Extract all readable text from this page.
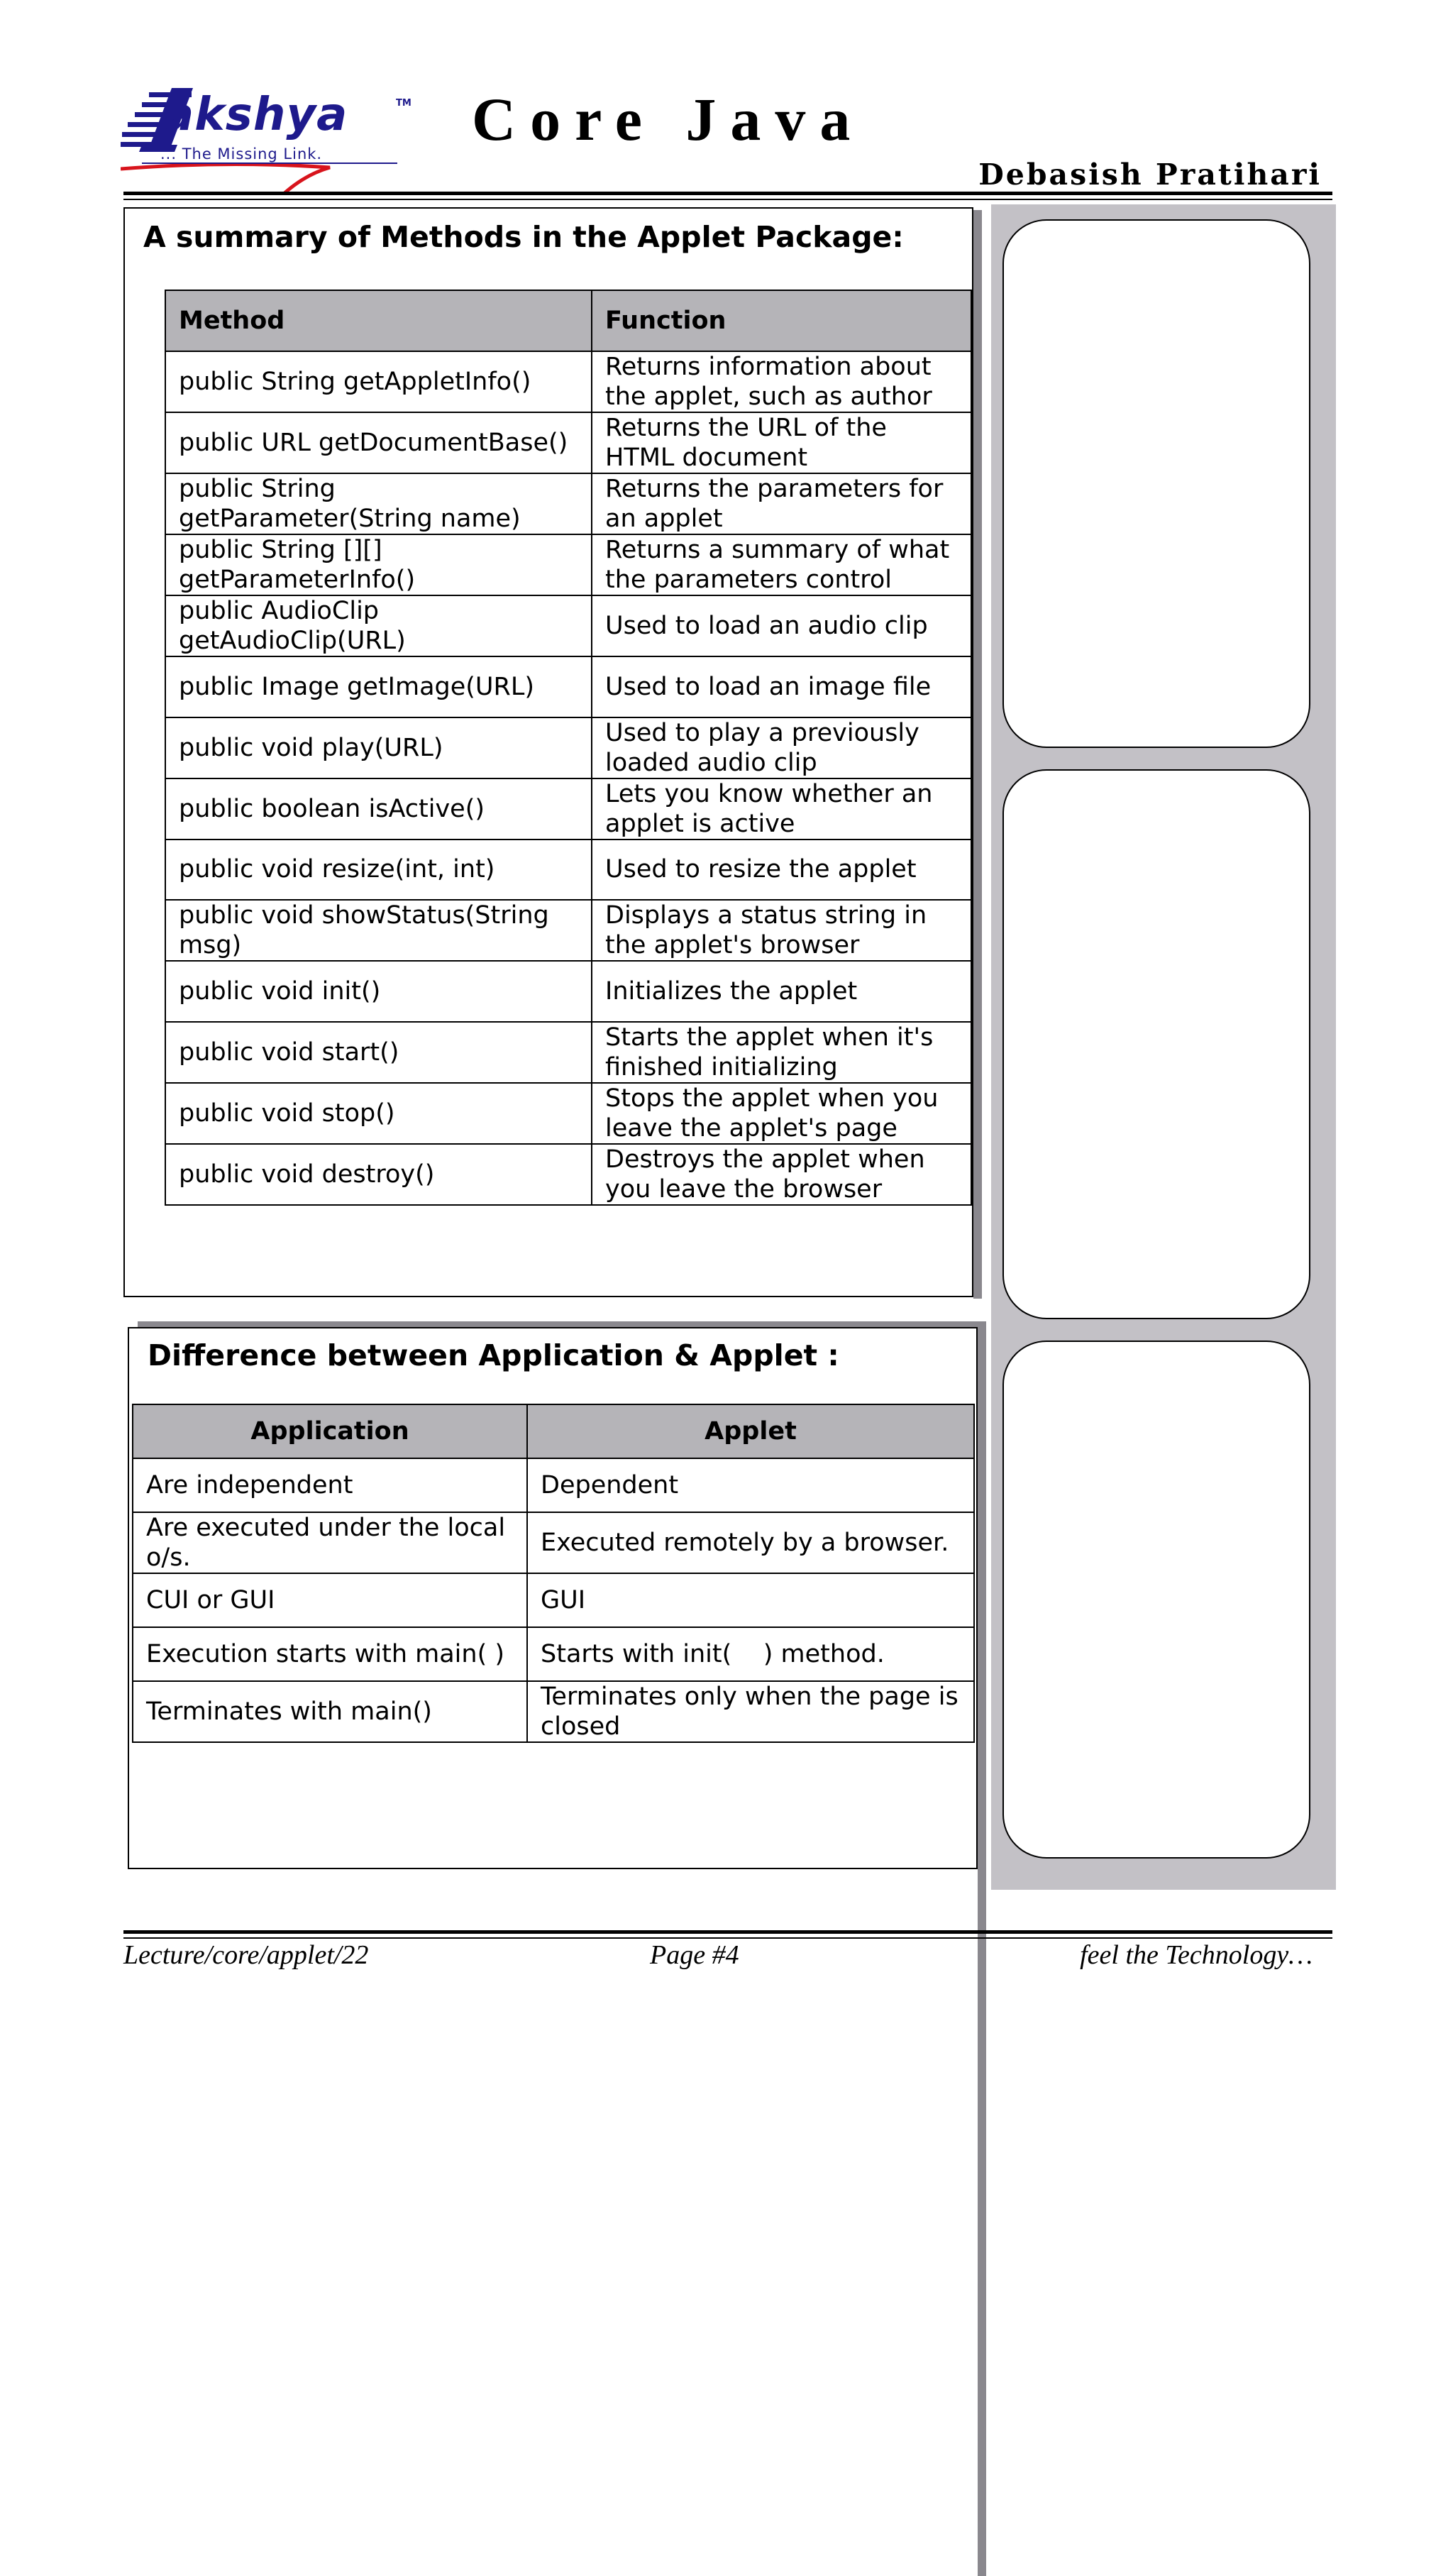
akshya	TM
... The Missing Link.
Core Java
Debasish Pratihari
A summary of Methods in the Applet Package:
Method	Function
public String getAppletInfo()	Returns information about the applet, such as author
public URL getDocumentBase()	Returns the URL of the HTML document
public String getParameter(String name)	Returns the parameters for an applet
public String [][] getParameterInfo()	Returns a summary of what the parameters control
public AudioClip getAudioClip(URL)	Used to load an audio clip
public Image getImage(URL)	Used to load an image file
public void play(URL)	Used to play a previously loaded audio clip
public boolean isActive()	Lets you know whether an applet is active
public void resize(int, int)	Used to resize the applet
public void showStatus(String msg)	Displays a status string in the applet's browser
public void init()	Initializes the applet
public void start()	Starts the applet when it's finished initializing
public void stop()	Stops the applet when you leave the applet's page
public void destroy()	Destroys the applet when you leave the browser
Difference between Application & Applet :
Application	Applet
Are independent	Dependent
Are executed under the local o/s.	Executed remotely by a browser.
CUI or GUI	GUI
Execution starts with main( )	Starts with init(    ) method.
Terminates with main()	Terminates only when the page is closed
Lecture/core/applet/22	Page #4	feel the Technology…
